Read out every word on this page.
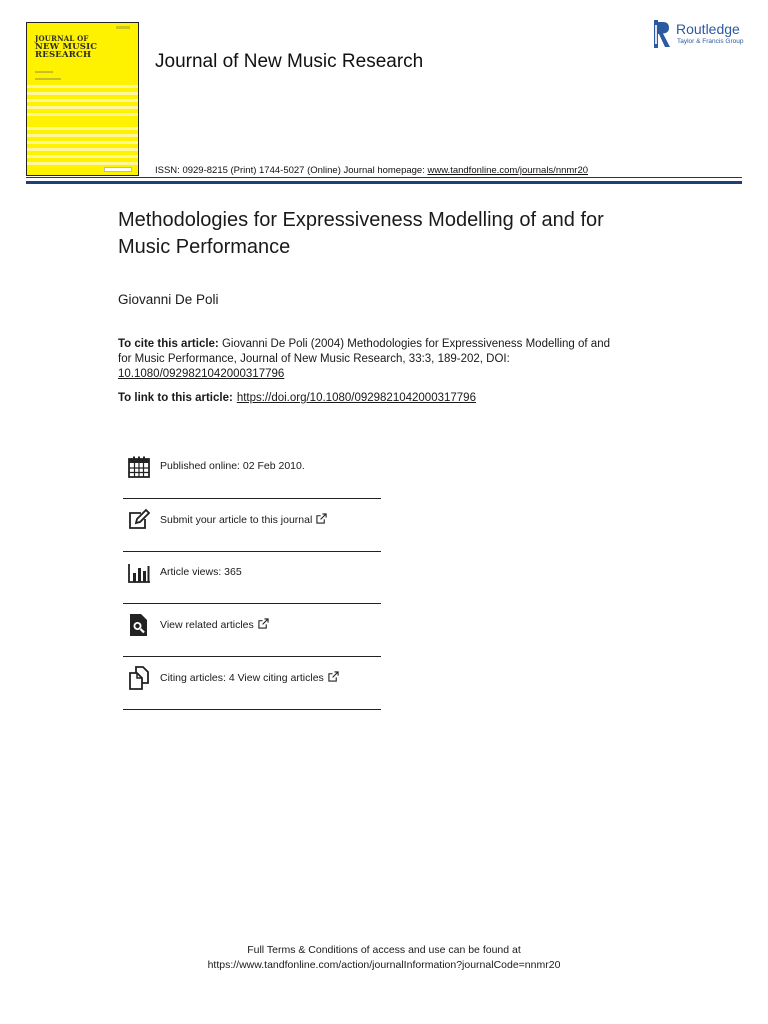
JOURNAL OF
NEW MUSIC RESEARCH	Journal of New Music Research
Routledge
Taylor & Francis Group
ISSN: 0929-8215 (Print) 1744-5027 (Online) Journal homepage: www.tandfonline.com/journals/nnmr20
Methodologies for Expressiveness Modelling of and for Music Performance
Giovanni De Poli
To cite this article: Giovanni De Poli (2004) Methodologies for Expressiveness Modelling of and for Music Performance, Journal of New Music Research, 33:3, 189-202, DOI: 10.1080/0929821042000317796
To link to this article: https://doi.org/10.1080/0929821042000317796
Published online: 02 Feb 2010.
Submit your article to this journal
Article views: 365
View related articles
Citing articles: 4 View citing articles
Full Terms & Conditions of access and use can be found at
https://www.tandfonline.com/action/journalInformation?journalCode=nnmr20
